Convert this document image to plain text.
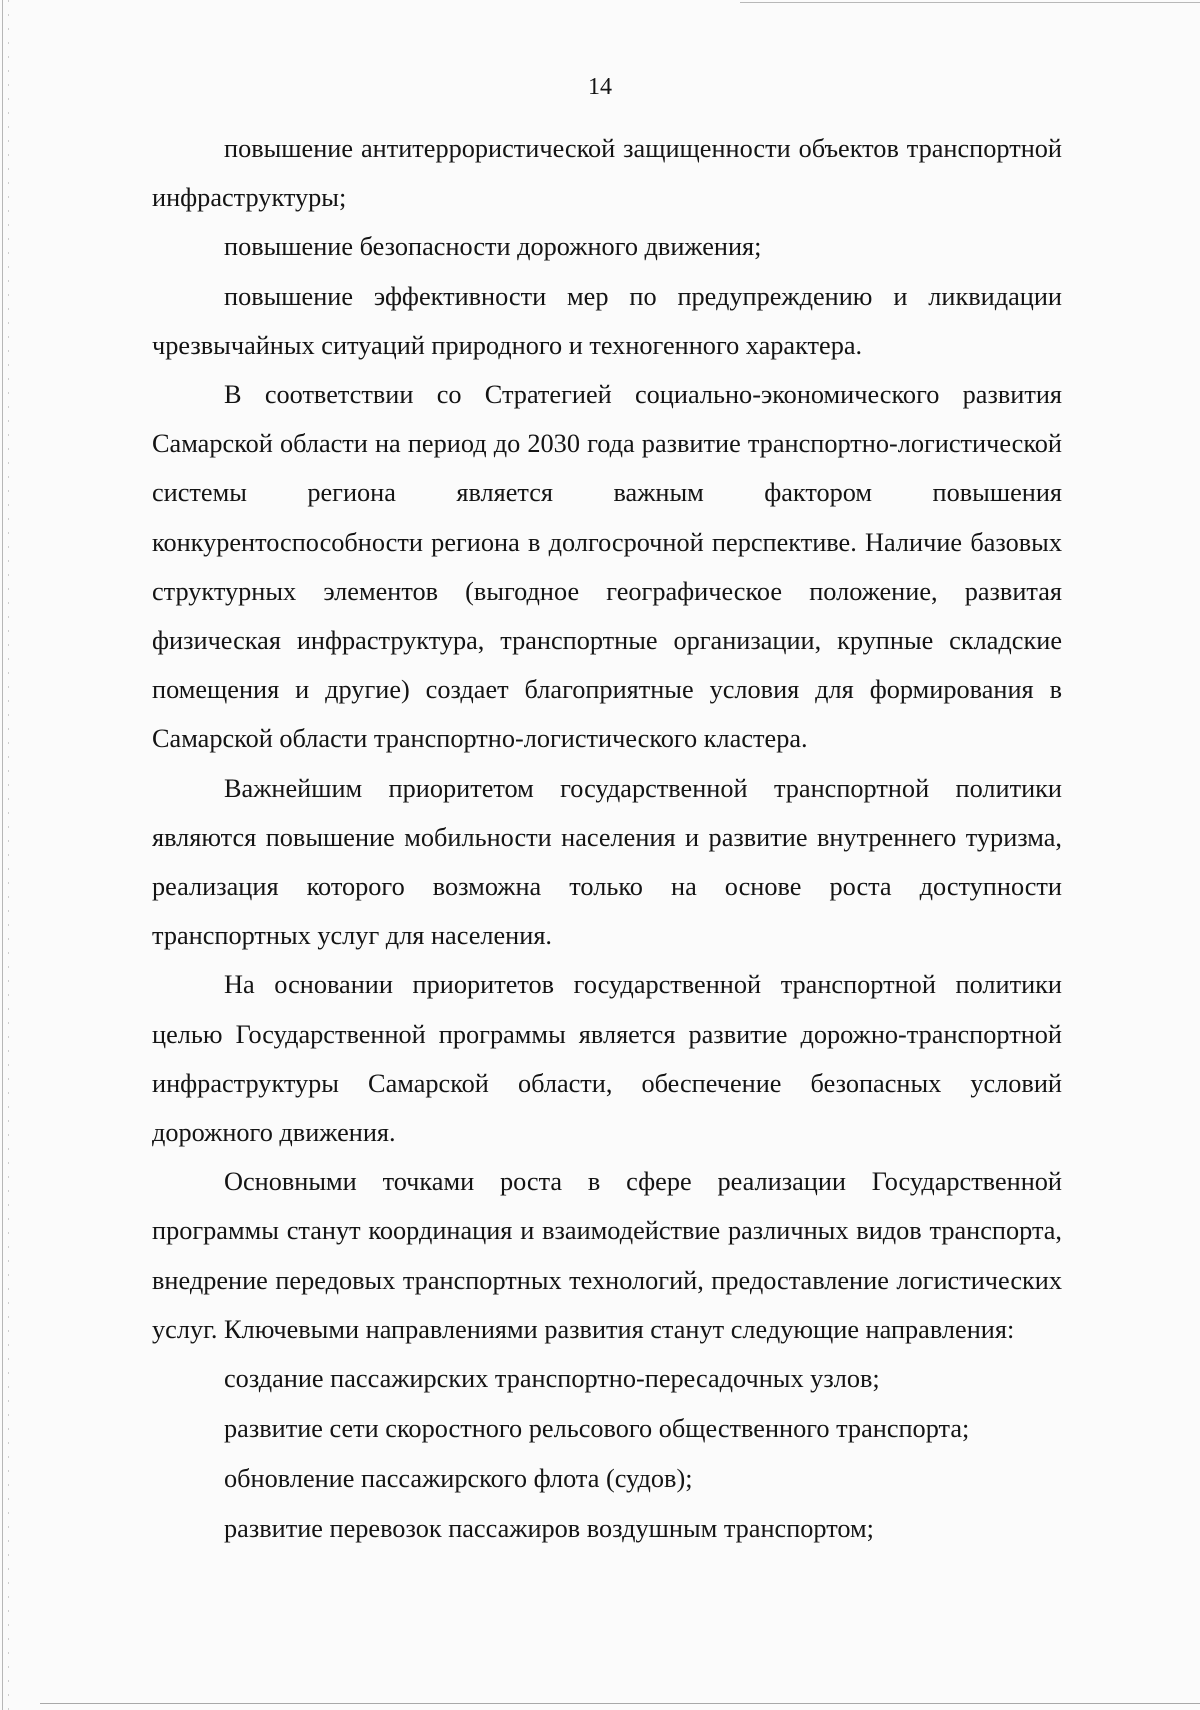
14

повышение антитеррористической защищенности объектов транспортной инфраструктуры;

повышение безопасности дорожного движения;

повышение эффективности мер по предупреждению и ликвидации чрезвычайных ситуаций природного и техногенного характера.

В соответствии со Стратегией социально-экономического развития Самарской области на период до 2030 года развитие транспортно-логистической системы региона является важным фактором повышения конкурентоспособности региона в долгосрочной перспективе. Наличие базовых структурных элементов (выгодное географическое положение, развитая физическая инфраструктура, транспортные организации, крупные складские помещения и другие) создает благоприятные условия для формирования в Самарской области транспортно-логистического кластера.

Важнейшим приоритетом государственной транспортной политики являются повышение мобильности населения и развитие внутреннего туризма, реализация которого возможна только на основе роста доступности транспортных услуг для населения.

На основании приоритетов государственной транспортной политики целью Государственной программы является развитие дорожно-транспортной инфраструктуры Самарской области, обеспечение безопасных условий дорожного движения.

Основными точками роста в сфере реализации Государственной программы станут координация и взаимодействие различных видов транспорта, внедрение передовых транспортных технологий, предоставление логистических услуг. Ключевыми направлениями развития станут следующие направления:

создание пассажирских транспортно-пересадочных узлов;

развитие сети скоростного рельсового общественного транспорта;

обновление пассажирского флота (судов);

развитие перевозок пассажиров воздушным транспортом;
